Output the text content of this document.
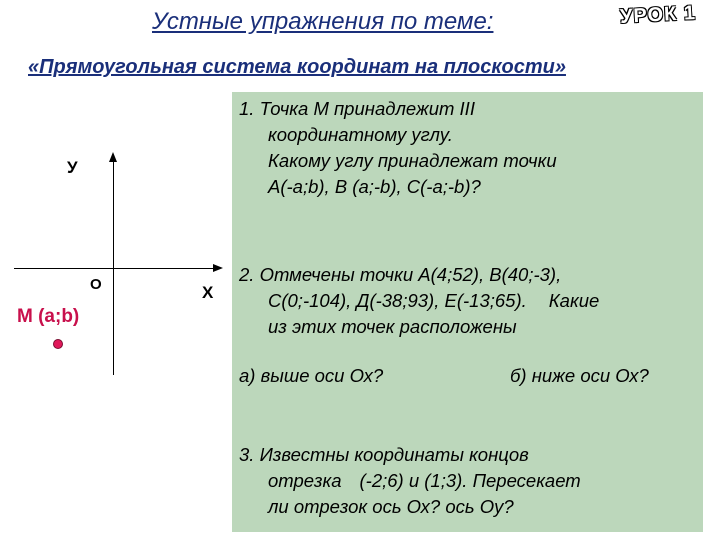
Устные упражнения по теме:	УРОК 1
«Прямоугольная система координат на плоскости»
У
Х
О
М (а;b)
1. Точка М принадлежит III
координатному углу.
Какому углу принадлежат точки
А(-a;b), В (a;-b), С(-a;-b)?
2. Отмечены точки А(4;52), В(40;-3),
С(0;-104), Д(-38;93), Е(-13;65). Какие
из этих точек расположены
а) выше оси Ох?	б) ниже оси Ох?
3. Известны координаты концов
отрезка (-2;6) и (1;3). Пересекает
ли отрезок ось Ох? ось Оу?
